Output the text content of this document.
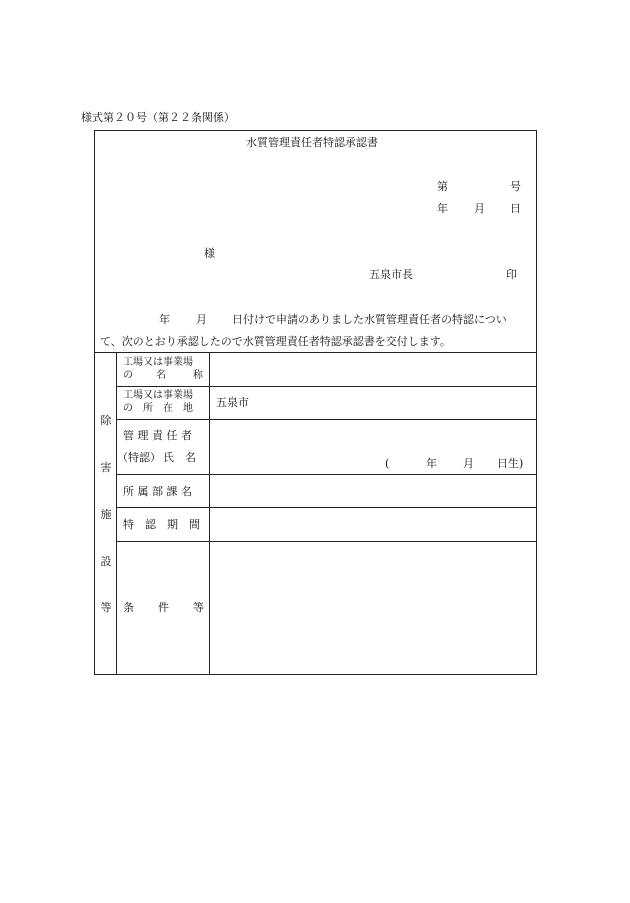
様式第２０号（第２２条関係）
水質管理責任者特認承認書
第	号
年 月 日
様
五泉市長	印
年 月 日付けで申請のありました水質管理責任者の特認につい
て、次のとおり承認したので水質管理責任者特認承認書を交付します。
除
害
施
設
等
工場又は事業場
の 名	称
工場又は事業場
の　所　在　地 五泉市
管 理 責 任 者
（特認） 氏　名	(	年 月 日生)
所 属 部 課 名
特　認　期　間
条 件 等
